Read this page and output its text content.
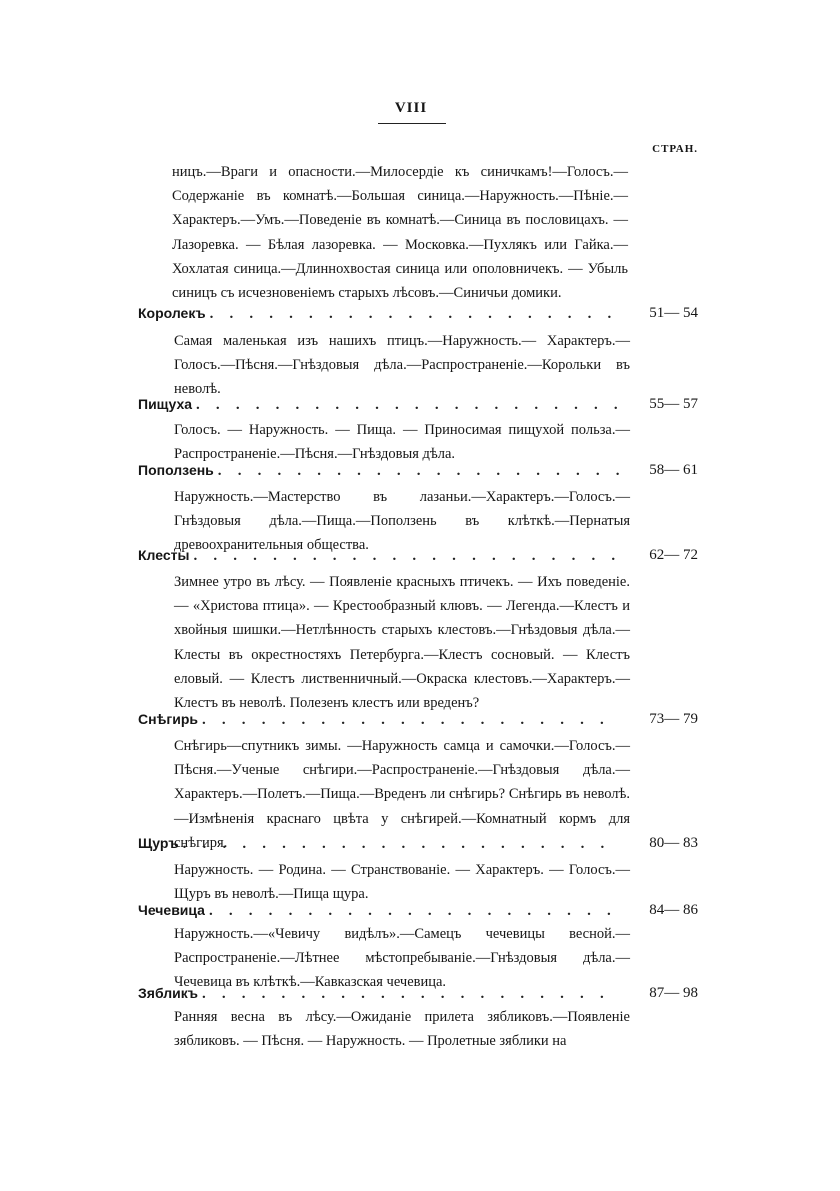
VIII
СТРАН.
ницъ.—Враги и опасности.—Милосердіе къ синичкамъ!—Голосъ.—Содержаніе въ комнатѣ.—Большая синица.—Наружность.—Пѣніе.—Характеръ.—Умъ.—Поведеніе въ комнатѣ.—Синица въ пословицахъ. — Лазоревка. — Бѣлая лазоревка. — Московка.—Пухлякъ или Гайка.—Хохлатая синица.—Длиннохвостая синица или ополовничекъ. — Убыль синицъ съ исчезновеніемъ старыхъ лѣсовъ.—Синичьи домики.
Королекъ . . .	51— 54
Самая маленькая изъ нашихъ птицъ.—Наружность.— Характеръ.—Голосъ.—Пѣсня.—Гнѣздовыя дѣла.—Распространеніе.—Корольки въ неволѣ.
Пищуха . . .	55— 57
Голосъ. — Наружность. — Пища. — Приносимая пищухой польза.—Распространеніе.—Пѣсня.—Гнѣздовыя дѣла.
Поползень . . .	58— 61
Наружность.—Мастерство въ лазаньи.—Характеръ.—Голосъ.—Гнѣздовыя дѣла.—Пища.—Поползень въ клѣткѣ.—Пернатыя древоохранительныя общества.
Клесты . . .	62— 72
Зимнее утро въ лѣсу. — Появленіе красныхъ птичекъ. — Ихъ поведеніе. — «Христова птица». — Крестообразный клювъ. — Легенда.—Клестъ и хвойныя шишки.—Нетлѣнность старыхъ клестовъ.—Гнѣздовыя дѣла.—Клесты въ окрестностяхъ Петербурга.—Клестъ сосновый. — Клестъ еловый. — Клестъ лиственничный.—Окраска клестовъ.—Характеръ.—Клестъ въ неволѣ. Полезенъ клестъ или вреденъ?
Снѣгирь . . .	73— 79
Снѣгирь—спутникъ зимы. —Наружность самца и самочки.—Голосъ.—Пѣсня.—Ученые снѣгири.—Распространеніе.—Гнѣздовыя дѣла.—Характеръ.—Полетъ.—Пища.—Вреденъ ли снѣгирь? Снѣгирь въ неволѣ.—Измѣненія краснаго цвѣта у снѣгирей.—Комнатный кормъ для снѣгиря.
Щуръ . . .	80— 83
Наружность. — Родина. — Странствованіе. — Характеръ. — Голосъ.—Щуръ въ неволѣ.—Пища щура.
Чечевица . . .	84— 86
Наружность.—«Чевичу видѣлъ».—Самецъ чечевицы весной.—Распространеніе.—Лѣтнее мѣстопребываніе.—Гнѣздовыя дѣла.—Чечевица въ клѣткѣ.—Кавказская чечевица.
Зябликъ . . .	87— 98
Ранняя весна въ лѣсу.—Ожиданіе прилета зябликовъ.—Появленіе зябликовъ. — Пѣсня. — Наружность. — Пролетные зяблики на
